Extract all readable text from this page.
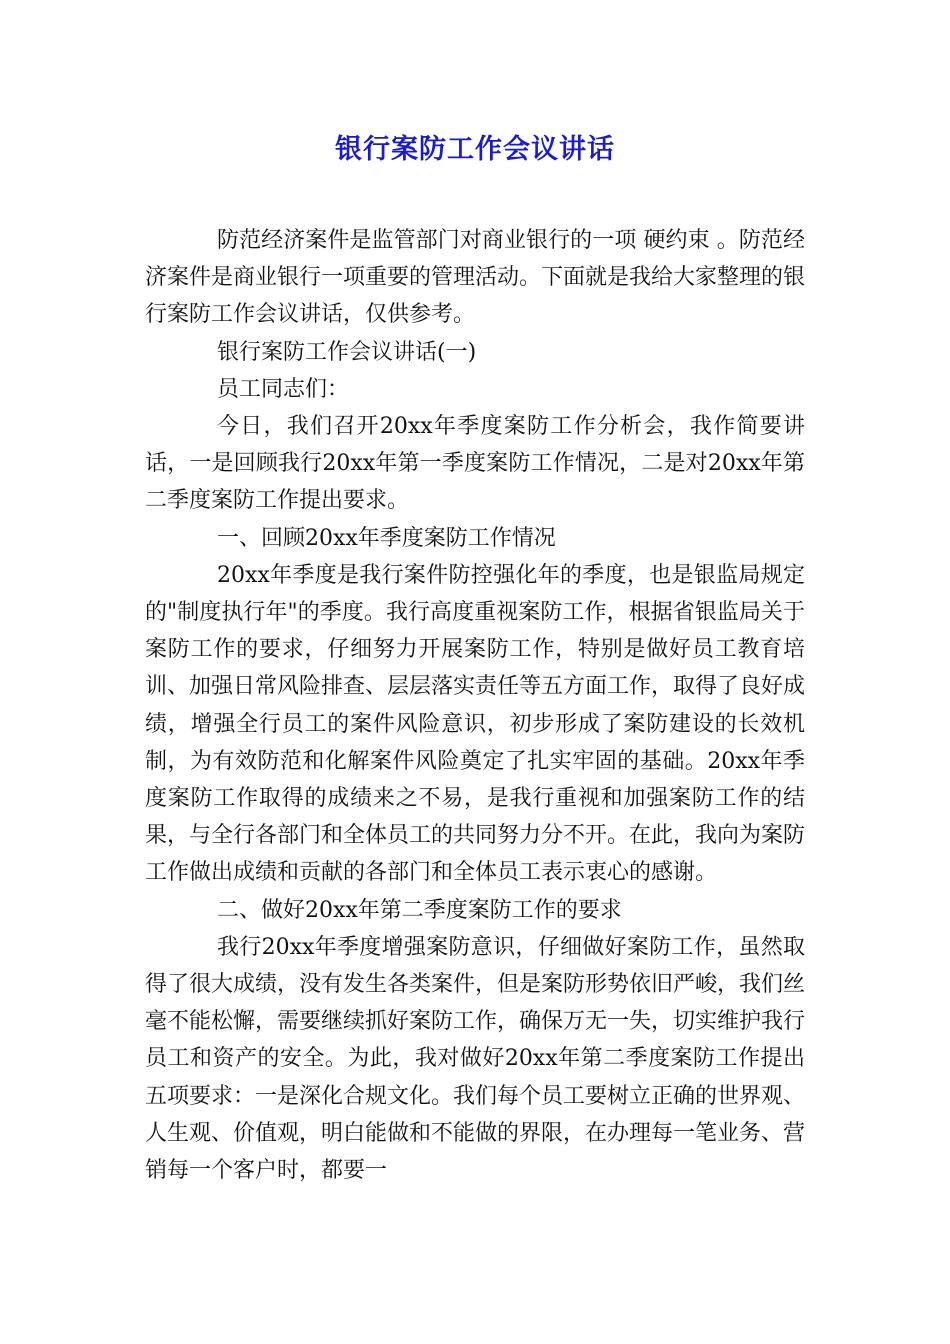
银行案防工作会议讲话

防范经济案件是监管部门对商业银行的一项 硬约束 。防范经济案件是商业银行一项重要的管理活动。下面就是我给大家整理的银行案防工作会议讲话，仅供参考。

银行案防工作会议讲话(一)

员工同志们：

今日，我们召开20xx年季度案防工作分析会，我作简要讲话，一是回顾我行20xx年第一季度案防工作情况，二是对20xx年第二季度案防工作提出要求。

一、回顾20xx年季度案防工作情况

20xx年季度是我行案件防控强化年的季度，也是银监局规定的"制度执行年"的季度。我行高度重视案防工作，根据省银监局关于案防工作的要求，仔细努力开展案防工作，特别是做好员工教育培训、加强日常风险排查、层层落实责任等五方面工作，取得了良好成绩，增强全行员工的案件风险意识，初步形成了案防建设的长效机制，为有效防范和化解案件风险奠定了扎实牢固的基础。20xx年季度案防工作取得的成绩来之不易，是我行重视和加强案防工作的结果，与全行各部门和全体员工的共同努力分不开。在此，我向为案防工作做出成绩和贡献的各部门和全体员工表示衷心的感谢。

二、做好20xx年第二季度案防工作的要求

我行20xx年季度增强案防意识，仔细做好案防工作，虽然取得了很大成绩，没有发生各类案件，但是案防形势依旧严峻，我们丝毫不能松懈，需要继续抓好案防工作，确保万无一失，切实维护我行员工和资产的安全。为此，我对做好20xx年第二季度案防工作提出五项要求：一是深化合规文化。我们每个员工要树立正确的世界观、人生观、价值观，明白能做和不能做的界限，在办理每一笔业务、营销每一个客户时，都要一
